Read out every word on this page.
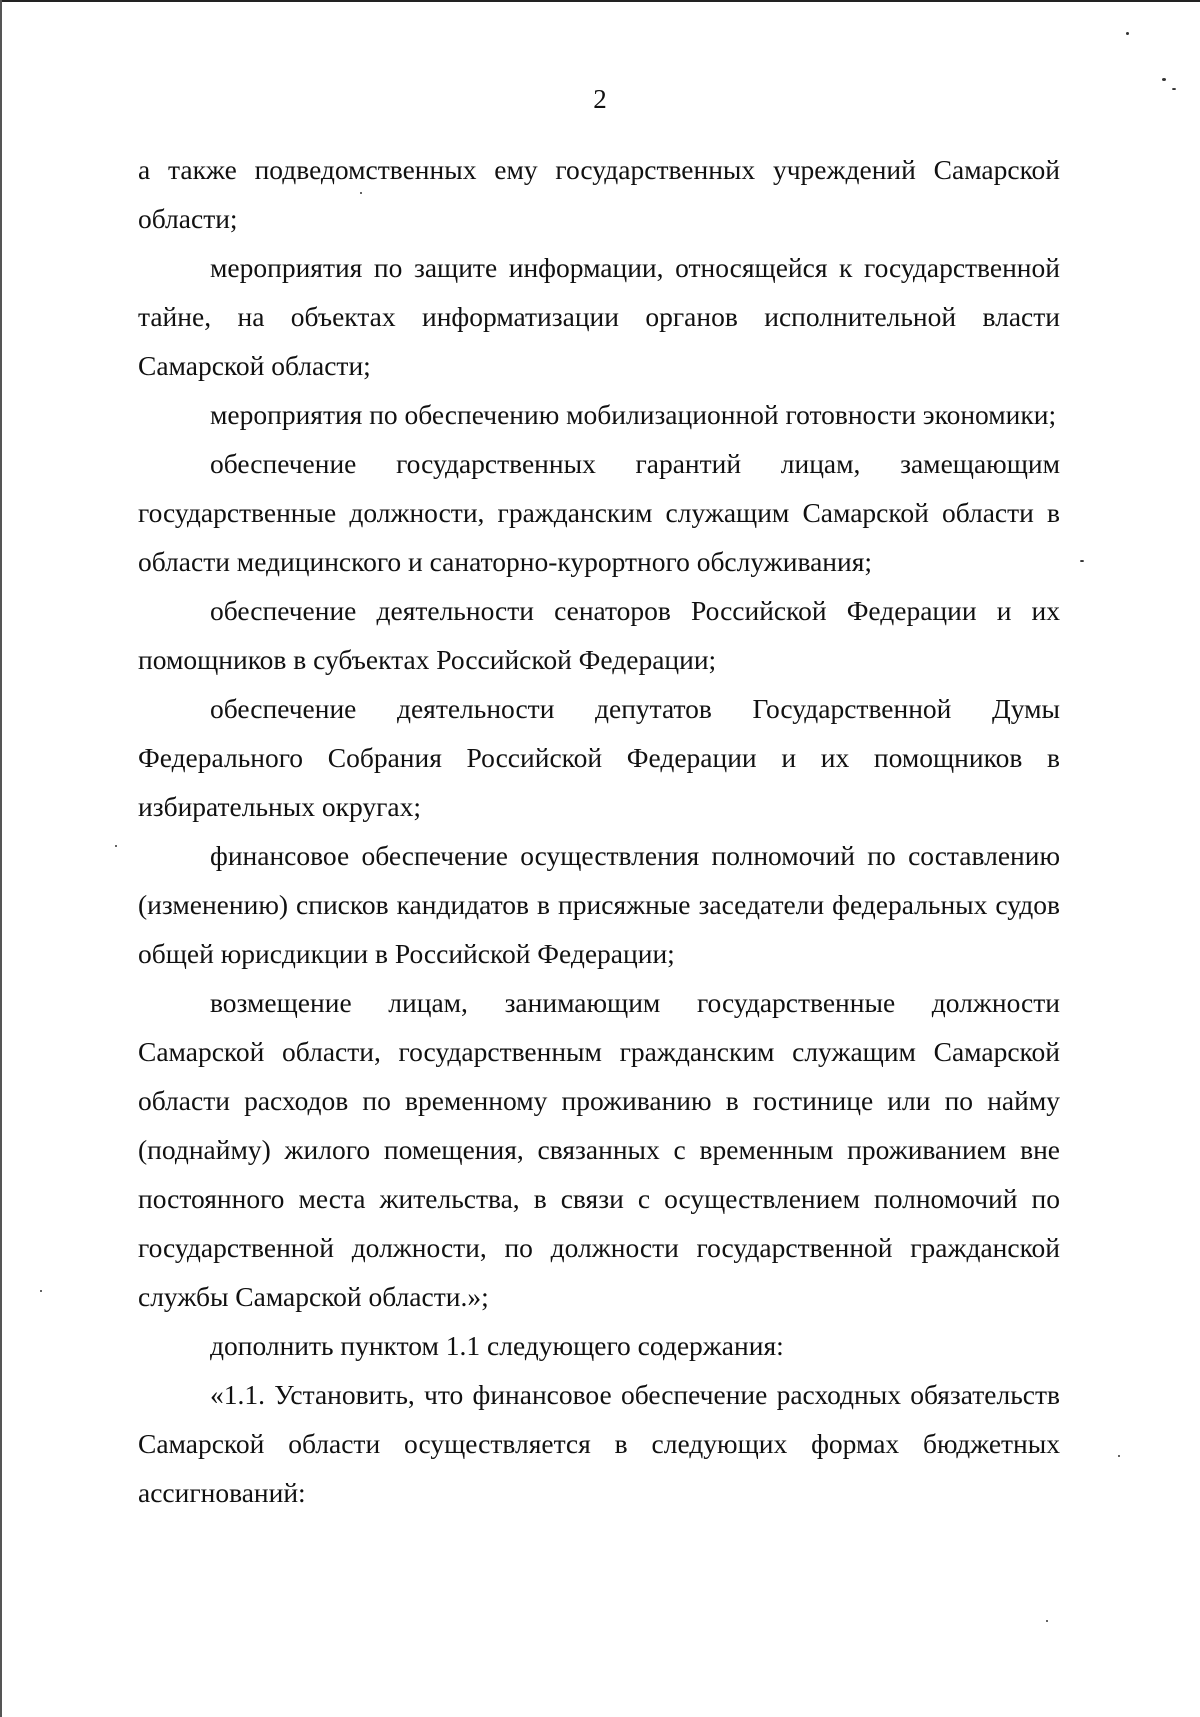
2

а также подведомственных ему государственных учреждений Самарской области;

мероприятия по защите информации, относящейся к государственной тайне, на объектах информатизации органов исполнительной власти Самарской области;

мероприятия по обеспечению мобилизационной готовности экономики;

обеспечение государственных гарантий лицам, замещающим государственные должности, гражданским служащим Самарской области в области медицинского и санаторно-курортного обслуживания;

обеспечение деятельности сенаторов Российской Федерации и их помощников в субъектах Российской Федерации;

обеспечение деятельности депутатов Государственной Думы Федерального Собрания Российской Федерации и их помощников в избирательных округах;

финансовое обеспечение осуществления полномочий по составлению (изменению) списков кандидатов в присяжные заседатели федеральных судов общей юрисдикции в Российской Федерации;

возмещение лицам, занимающим государственные должности Самарской области, государственным гражданским служащим Самарской области расходов по временному проживанию в гостинице или по найму (поднайму) жилого помещения, связанных с временным проживанием вне постоянного места жительства, в связи с осуществлением полномочий по государственной должности, по должности государственной гражданской службы Самарской области.»;

дополнить пунктом 1.1 следующего содержания:

«1.1. Установить, что финансовое обеспечение расходных обязательств Самарской области осуществляется в следующих формах бюджетных ассигнований:
